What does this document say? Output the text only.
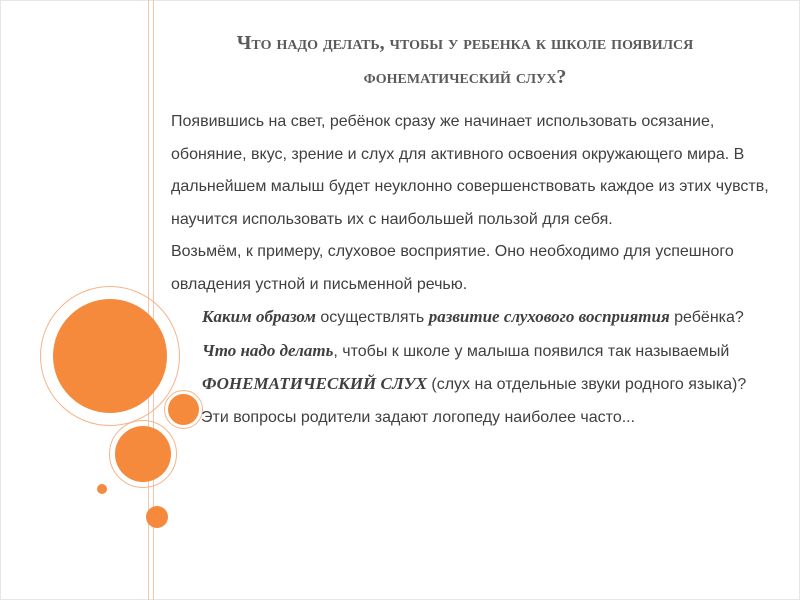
Что надо делать, чтобы у ребенка к школе появился фонематический слух?

Появившись на свет, ребёнок сразу же начинает использовать осязание, обоняние, вкус, зрение и слух для активного освоения окружающего мира. В дальнейшем малыш будет неуклонно совершенствовать каждое из этих чувств, научится использовать их с наибольшей пользой для себя.

Возьмём, к примеру, слуховое восприятие. Оно необходимо для успешного овладения устной и письменной речью.

Каким образом осуществлять развитие слухового восприятия ребёнка?

Что надо делать, чтобы к школе у малыша появился так называемый ФОНЕМАТИЧЕСКИЙ СЛУХ (слух на отдельные звуки родного языка)?

Эти вопросы родители задают логопеду наиболее часто...
